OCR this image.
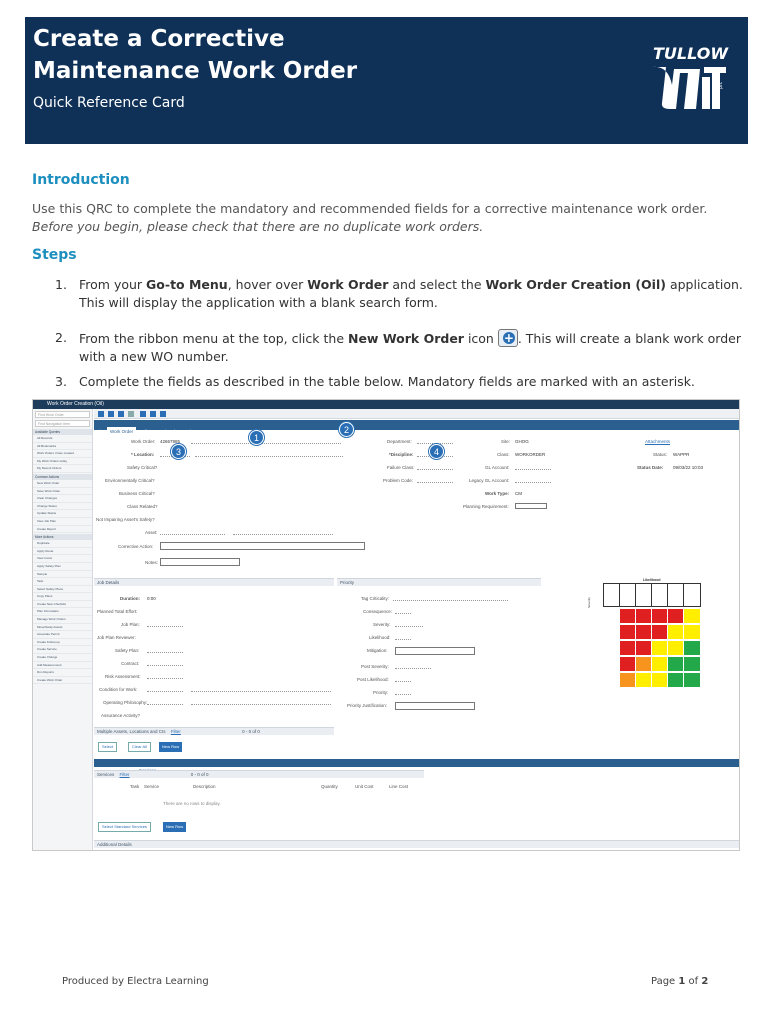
Create a Corrective
Maintenance Work Order
Quick Reference Card
TULLOW
plc
Introduction
Use this QRC to complete the mandatory and recommended fields for a corrective maintenance work order. Before you begin, please check that there are no duplicate work orders.
Steps
1. From your Go-to Menu, hover over Work Order and select the Work Order Creation (Oil) application. This will display the application with a blank search form.
2. From the ribbon menu at the top, click the New Work Order icon +. This will create a blank work order with a new WO number.
3. Complete the fields as described in the table below. Mandatory fields are marked with an asterisk.
Work Order Creation (Oil)
Find Work Order
Find Navigation Item
Available Queries
All Records
All Bookmarks
Work Orders I have created
My Work Orders today
My Recent Orders
Common Actions
New Work Order
Save Work Order
Clear Changes
Change Status
Update Status
View Job Plan
Create Report
More Actions
Duplicate
Apply Route
View Costs
Apply Safety Plan
Sample
Task
Select Safety Plans
Copy Plans
Create New Checklist
Plan Information
Manage Work Orders
Move/Swap Assets
Associate Permit
Create Follow-up
Create Service
Create Change
Add Measurement
Run Reports
Create Work Order
List Work Order Gallery Related Records Map
Work Order: 42667985
* Location:
Safety Critical?
Environmentally Critical?
Business Critical?
Class Related?
Not Impairing Asset's Safety?
Asset:
Corrective Action:
Notes:
Department:
*Discipline:
Failure Class:
Problem Code:
Site: GHOG
Class: WORKORDER
GL Account:
Legacy GL Account:
Work Type: CM
Planning Requirement:
Attachments
Status: WAPPR
Status Date: 09/03/22 10:03
1
2
3	4
Job Details	Priority
Duration: 0:00
Planned Total Effort:
Job Plan:
Job Plan Reviewer:
Safety Plan:
Contract:
Risk Assessment:
Condition for Work:
Operating Philosophy:
Assurance Activity?
Tag Criticality:
Consequence:
Severity:
Likelihood:
Mitigation:
Post Severity:
Post Likelihood:
Priority:
Priority Justification:
Likelihood
Severity
Multiple Assets, Locations and CIs Filter	0 - 0 of 0
Select	Clear All	New Row
Services Filter	0 - 0 of 0
Task Service	Description	Quantity	Unit Cost	Line Cost
There are no rows to display.
Select Standard Services	New Row
Additional Details
Produced by Electra Learning	Page 1 of 2
